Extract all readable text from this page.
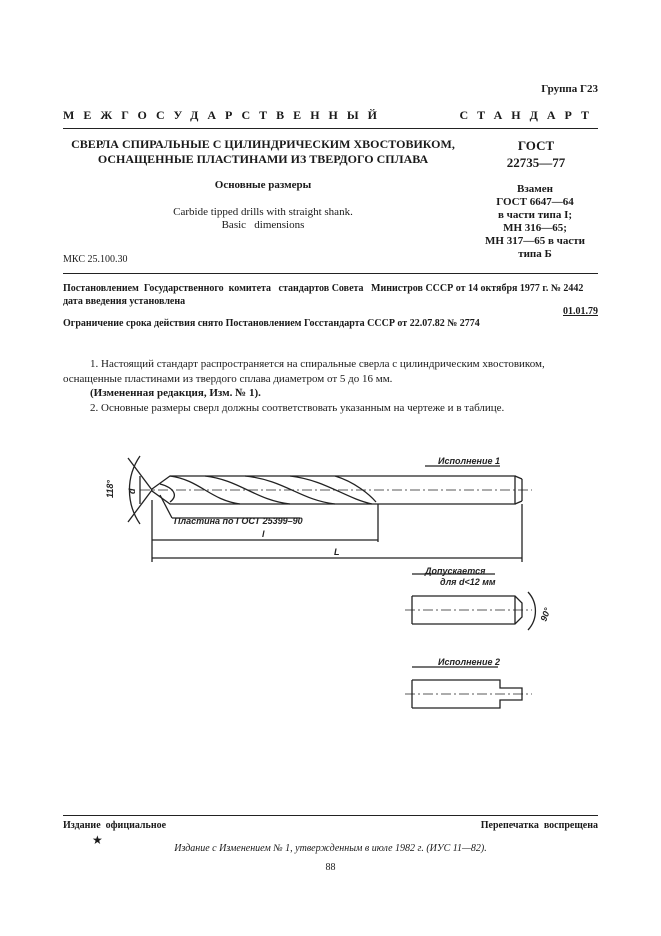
Группа Г23
МЕЖГОСУДАРСТВЕННЫЙ	СТАНДАРТ
СВЕРЛА СПИРАЛЬНЫЕ С ЦИЛИНДРИЧЕСКИМ ХВОСТОВИКОМ,
ОСНАЩЕННЫЕ ПЛАСТИНАМИ ИЗ ТВЕРДОГО СПЛАВА
ГОСТ
22735—77
Основные размеры
Carbide tipped drills with straight shank.
Basic   dimensions
Взамен
ГОСТ 6647—64
в части типа I;
МН 316—65;
МН 317—65 в части
типа Б
МКС 25.100.30
Постановлением  Государственного  комитета   стандартов Совета   Министров СССР от 14 октября 1977 г. № 2442 дата введения установлена
01.01.79
Ограничение срока действия снято Постановлением Госстандарта СССР от 22.07.82 № 2774
1. Настоящий стандарт распространяется на спиральные сверла с цилиндрическим хвостовиком, оснащенные пластинами из твердого сплава диаметром от 5 до 16 мм.
(Измененная редакция, Изм. № 1).
2. Основные размеры сверл должны соответствовать указанным на чертеже и в таблице.
Исполнение 1
118° d
Пластина по ГОСТ 25399–90
l
L
Допускается
для d<12 мм
90°
Исполнение 2
Издание  официальное	Перепечатка  воспрещена
★
Издание с Изменением № 1, утвержденным в июле 1982 г. (ИУС 11—82).
88
